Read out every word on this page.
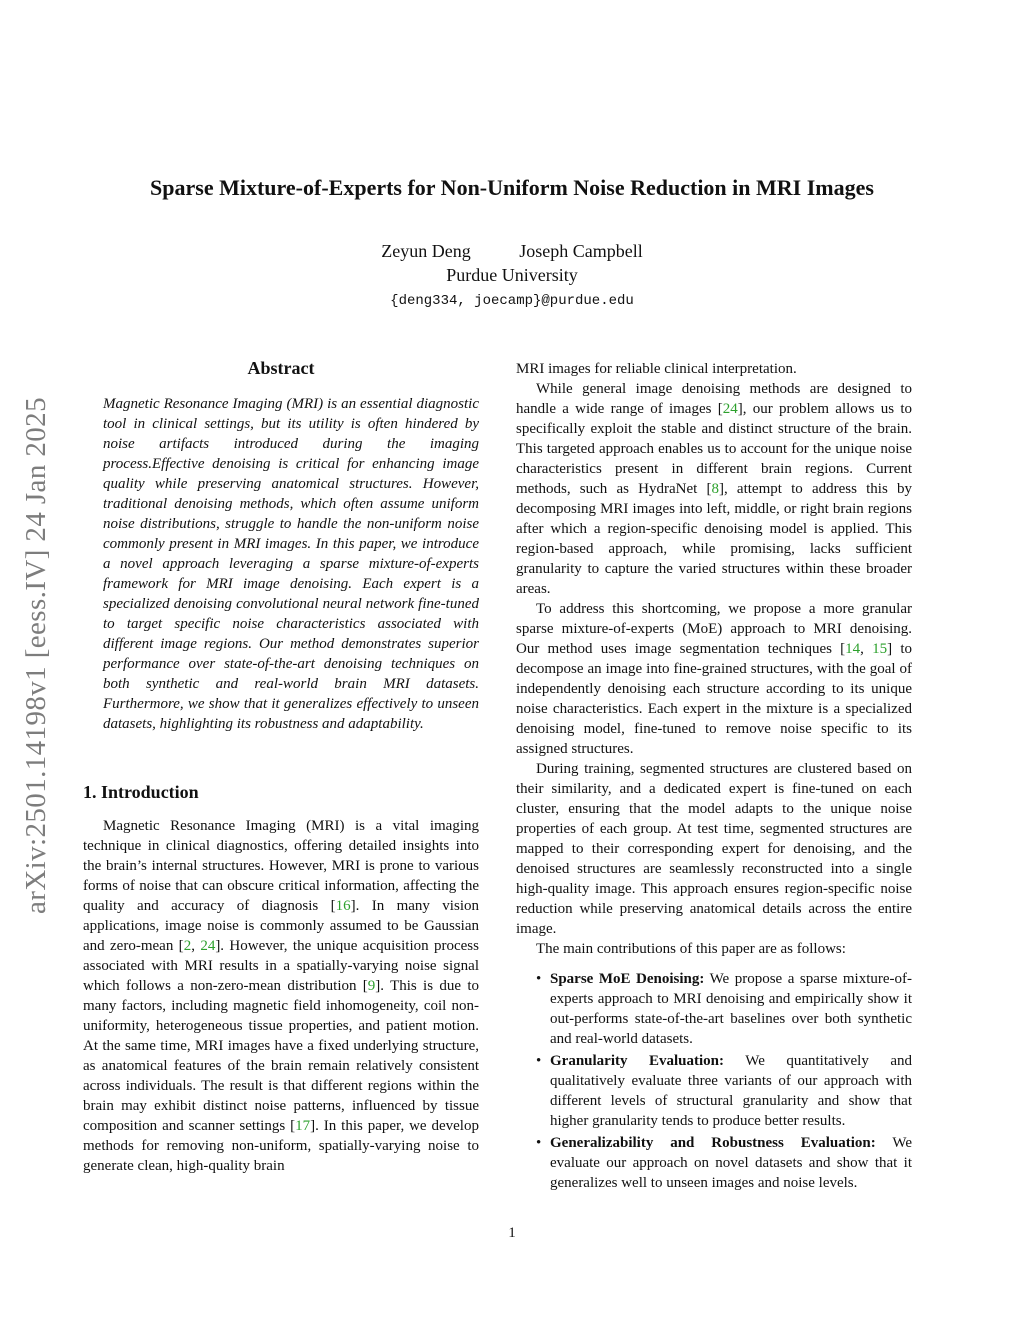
arXiv:2501.14198v1 [eess.IV] 24 Jan 2025
Sparse Mixture-of-Experts for Non-Uniform Noise Reduction in MRI Images
Zeyun Deng	Joseph Campbell
Purdue University
{deng334, joecamp}@purdue.edu
Abstract

Magnetic Resonance Imaging (MRI) is an essential diagnostic tool in clinical settings, but its utility is often hindered by noise artifacts introduced during the imaging process.Effective denoising is critical for enhancing image quality while preserving anatomical structures. However, traditional denoising methods, which often assume uniform noise distributions, struggle to handle the non-uniform noise commonly present in MRI images. In this paper, we introduce a novel approach leveraging a sparse mixture-of-experts framework for MRI image denoising. Each expert is a specialized denoising convolutional neural network fine-tuned to target specific noise characteristics associated with different image regions. Our method demonstrates superior performance over state-of-the-art denoising techniques on both synthetic and real-world brain MRI datasets. Furthermore, we show that it generalizes effectively to unseen datasets, highlighting its robustness and adaptability.

1. Introduction

Magnetic Resonance Imaging (MRI) is a vital imaging technique in clinical diagnostics, offering detailed insights into the brain’s internal structures. However, MRI is prone to various forms of noise that can obscure critical information, affecting the quality and accuracy of diagnosis [16]. In many vision applications, image noise is commonly assumed to be Gaussian and zero-mean [2, 24]. However, the unique acquisition process associated with MRI results in a spatially-varying noise signal which follows a non-zero-mean distribution [9]. This is due to many factors, including magnetic field inhomogeneity, coil non-uniformity, heterogeneous tissue properties, and patient motion. At the same time, MRI images have a fixed underlying structure, as anatomical features of the brain remain relatively consistent across individuals. The result is that different regions within the brain may exhibit distinct noise patterns, influenced by tissue composition and scanner settings [17]. In this paper, we develop methods for removing non-uniform, spatially-varying noise to generate clean, high-quality brain

MRI images for reliable clinical interpretation.

While general image denoising methods are designed to handle a wide range of images [24], our problem allows us to specifically exploit the stable and distinct structure of the brain. This targeted approach enables us to account for the unique noise characteristics present in different brain regions. Current methods, such as HydraNet [8], attempt to address this by decomposing MRI images into left, middle, or right brain regions after which a region-specific denoising model is applied. This region-based approach, while promising, lacks sufficient granularity to capture the varied structures within these broader areas.

To address this shortcoming, we propose a more granular sparse mixture-of-experts (MoE) approach to MRI denoising. Our method uses image segmentation techniques [14, 15] to decompose an image into fine-grained structures, with the goal of independently denoising each structure according to its unique noise characteristics. Each expert in the mixture is a specialized denoising model, fine-tuned to remove noise specific to its assigned structures.

During training, segmented structures are clustered based on their similarity, and a dedicated expert is fine-tuned on each cluster, ensuring that the model adapts to the unique noise properties of each group. At test time, segmented structures are mapped to their corresponding expert for denoising, and the denoised structures are seamlessly reconstructed into a single high-quality image. This approach ensures region-specific noise reduction while preserving anatomical details across the entire image.

The main contributions of this paper are as follows:

• Sparse MoE Denoising: We propose a sparse mixture-of-experts approach to MRI denoising and empirically show it out-performs state-of-the-art baselines over both synthetic and real-world datasets.
• Granularity Evaluation: We quantitatively and qualitatively evaluate three variants of our approach with different levels of structural granularity and show that higher granularity tends to produce better results.
• Generalizability and Robustness Evaluation: We evaluate our approach on novel datasets and show that it generalizes well to unseen images and noise levels.
1
